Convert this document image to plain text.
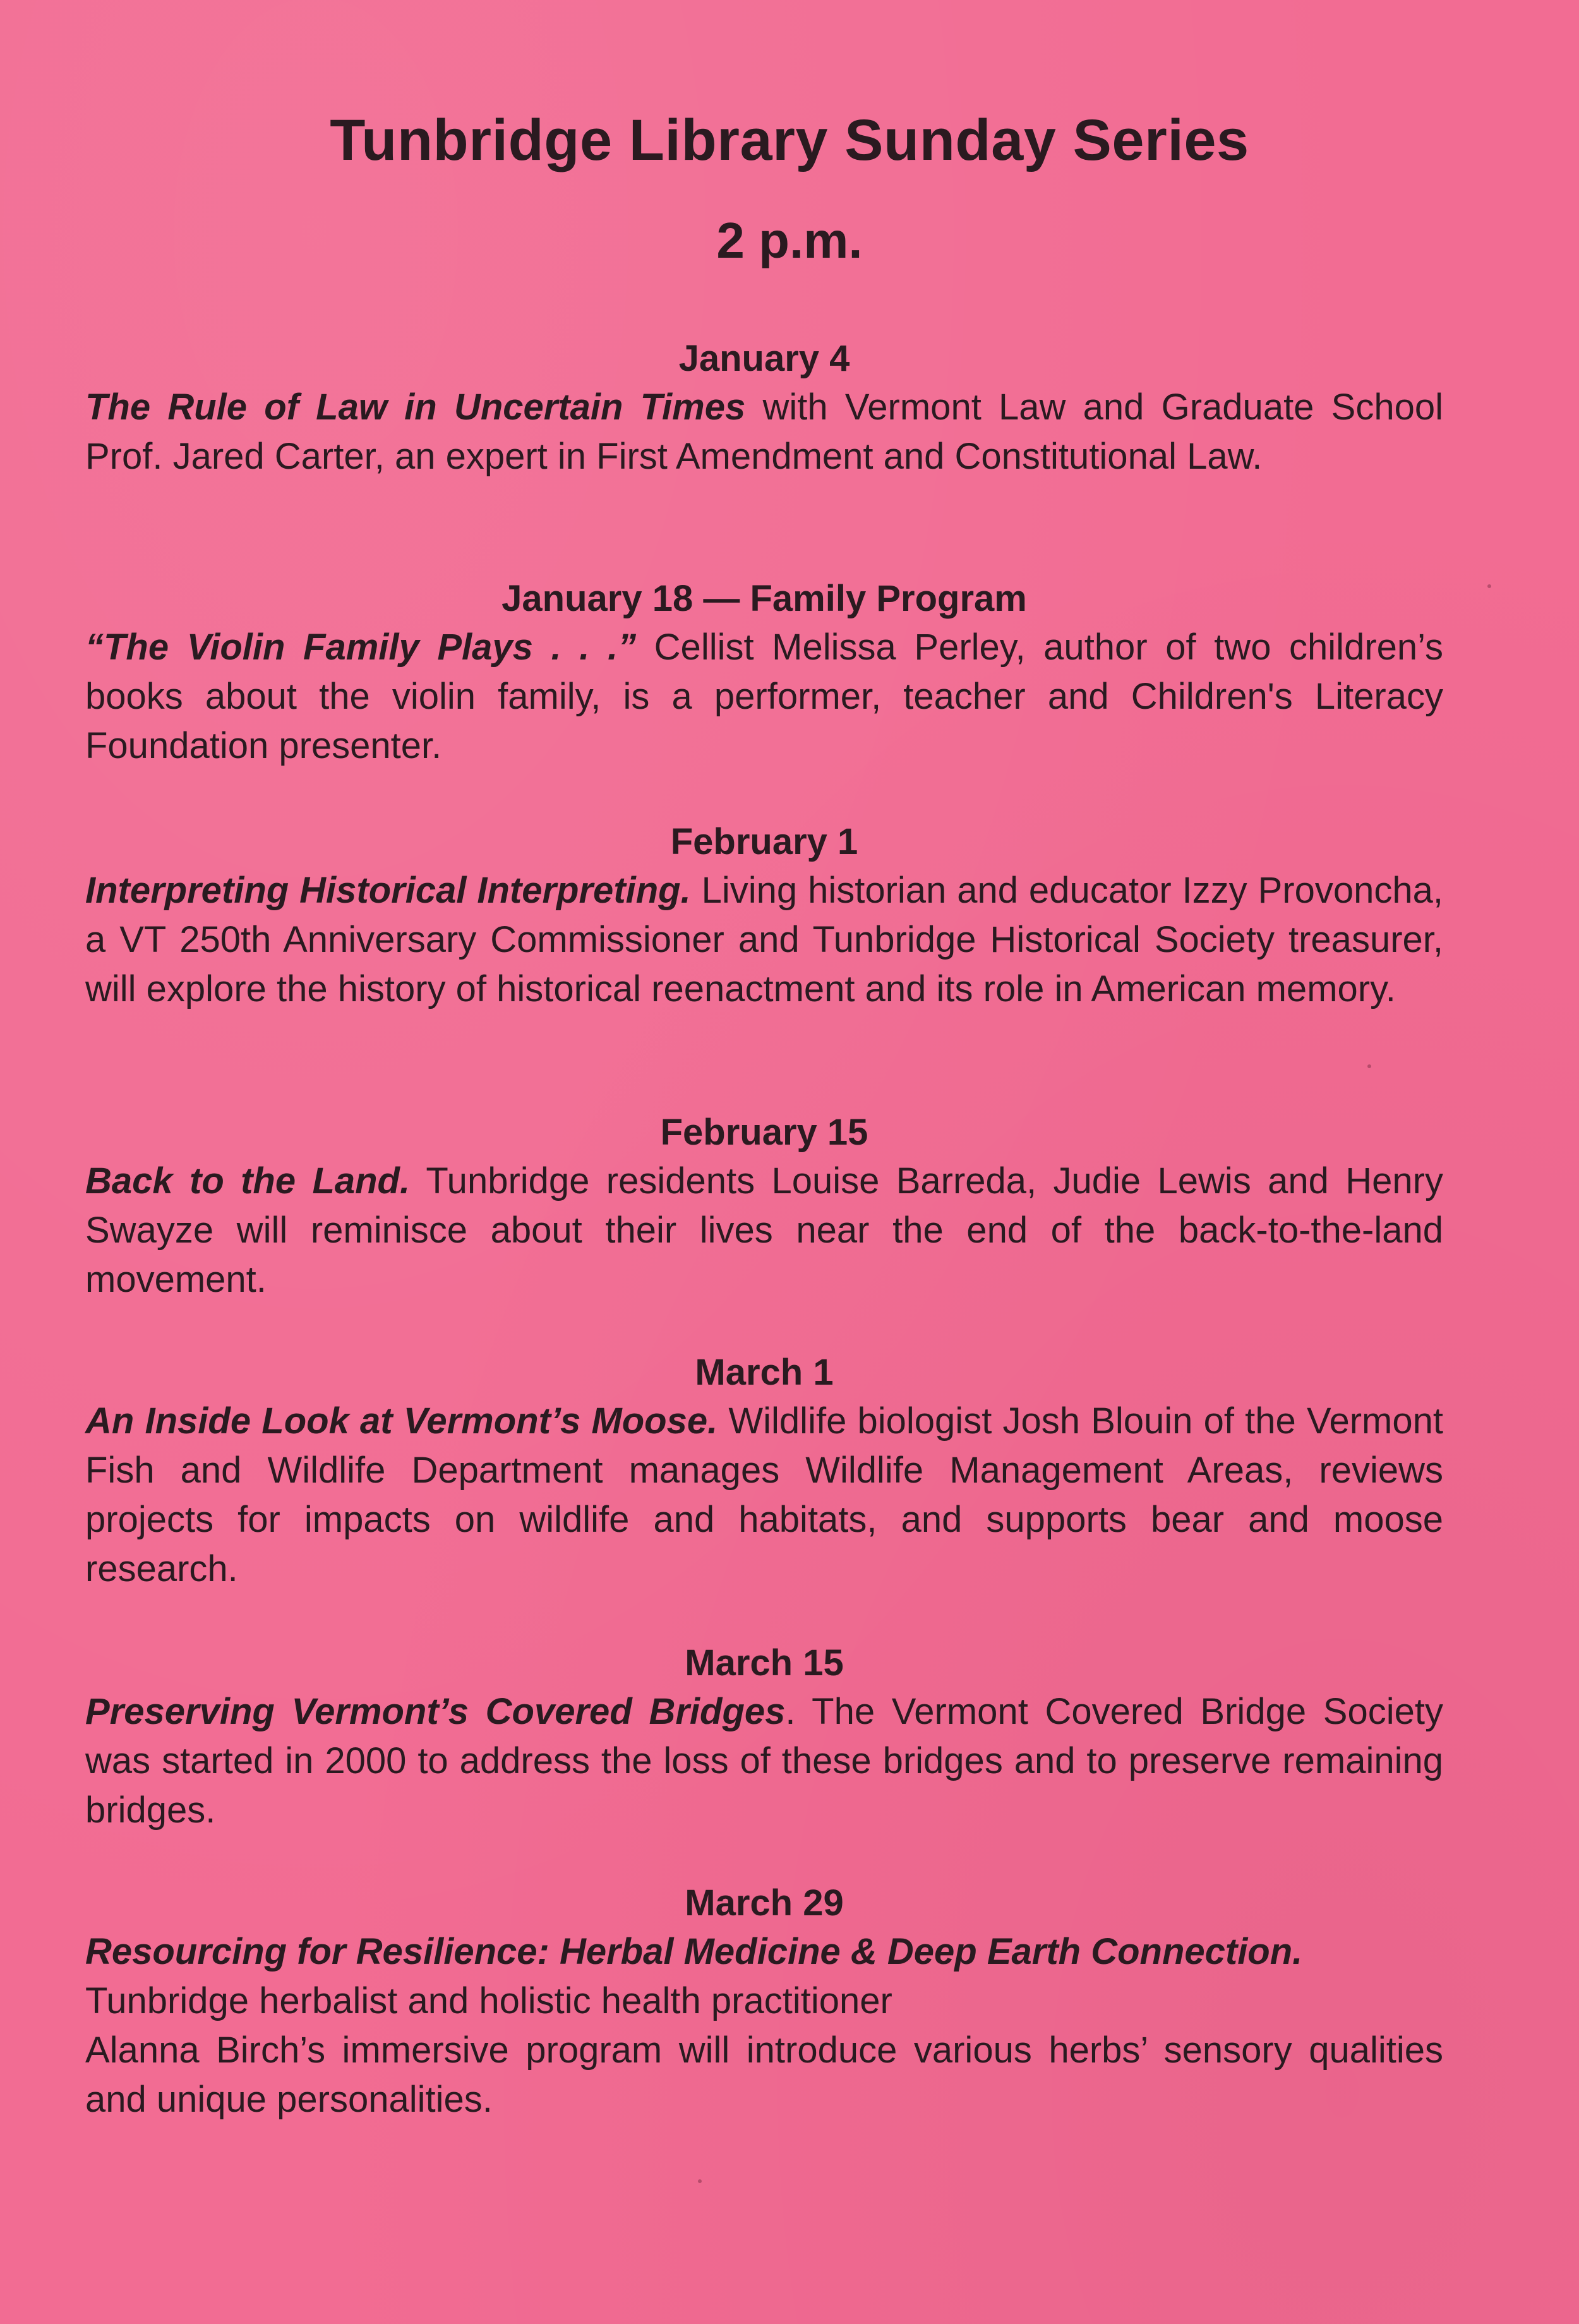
Tunbridge Library Sunday Series
2 p.m.
January 4

The Rule of Law in Uncertain Times with Vermont Law and Graduate School Prof. Jared Carter, an expert in First Amendment and Constitutional Law.

January 18 — Family Program

“The Violin Family Plays . . .” Cellist Melissa Perley, author of two children’s books about the violin family, is a performer, teacher and Children's Literacy Foundation presenter.

February 1

Interpreting Historical Interpreting. Living historian and educator Izzy Provoncha, a VT 250th Anniversary Commissioner and Tunbridge Historical Society treasurer, will explore the history of historical reenactment and its role in American memory.

February 15

Back to the Land. Tunbridge residents Louise Barreda, Judie Lewis and Henry Swayze will reminisce about their lives near the end of the back-to-the-land movement.

March 1

An Inside Look at Vermont’s Moose. Wildlife biologist Josh Blouin of the Vermont Fish and Wildlife Department manages Wildlife Management Areas, reviews projects for impacts on wildlife and habitats, and supports bear and moose research.

March 15

Preserving Vermont’s Covered Bridges. The Vermont Covered Bridge Society was started in 2000 to address the loss of these bridges and to preserve remaining bridges.

March 29

Resourcing for Resilience: Herbal Medicine & Deep Earth Connection.
Tunbridge herbalist and holistic health practitioner
Alanna Birch’s immersive program will introduce various herbs’ sensory qualities and unique personalities.
